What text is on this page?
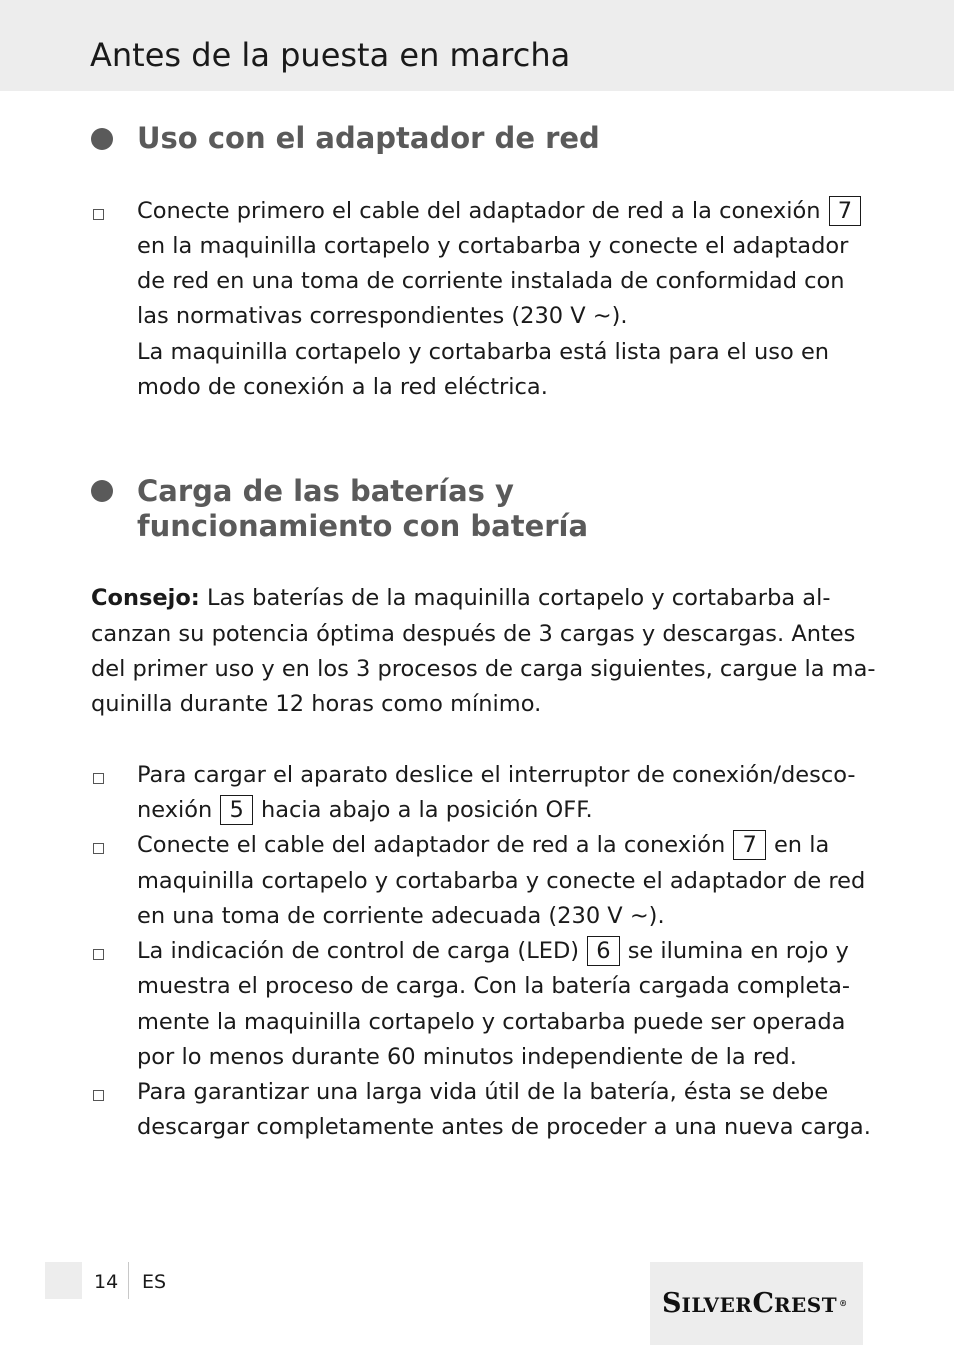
Antes de la puesta en marcha
Uso con el adaptador de red

Conecte primero el cable del adaptador de red a la conexión 7

en la maquinilla cortapelo y cortabarba y conecte el adaptador

de red en una toma de corriente instalada de conformidad con

las normativas correspondientes (230 V ~).

La maquinilla cortapelo y cortabarba está lista para el uso en

modo de conexión a la red eléctrica.

Carga de las baterías y
funcionamiento con batería

Consejo: Las baterías de la maquinilla cortapelo y cortabarba al-

canzan su potencia óptima después de 3 cargas y descargas. Antes

del primer uso y en los 3 procesos de carga siguientes, cargue la ma-

quinilla durante 12 horas como mínimo.

Para cargar el aparato deslice el interruptor de conexión/desco-

nexión 5 hacia abajo a la posición OFF.

Conecte el cable del adaptador de red a la conexión 7 en la

maquinilla cortapelo y cortabarba y conecte el adaptador de red

en una toma de corriente adecuada (230 V ~).

La indicación de control de carga (LED) 6 se ilumina en rojo y

muestra el proceso de carga. Con la batería cargada completa-

mente la maquinilla cortapelo y cortabarba puede ser operada

por lo menos durante 60 minutos independiente de la red.

Para garantizar una larga vida útil de la batería, ésta se debe

descargar completamente antes de proceder a una nueva carga.

14 ES
SILVERCREST ®
